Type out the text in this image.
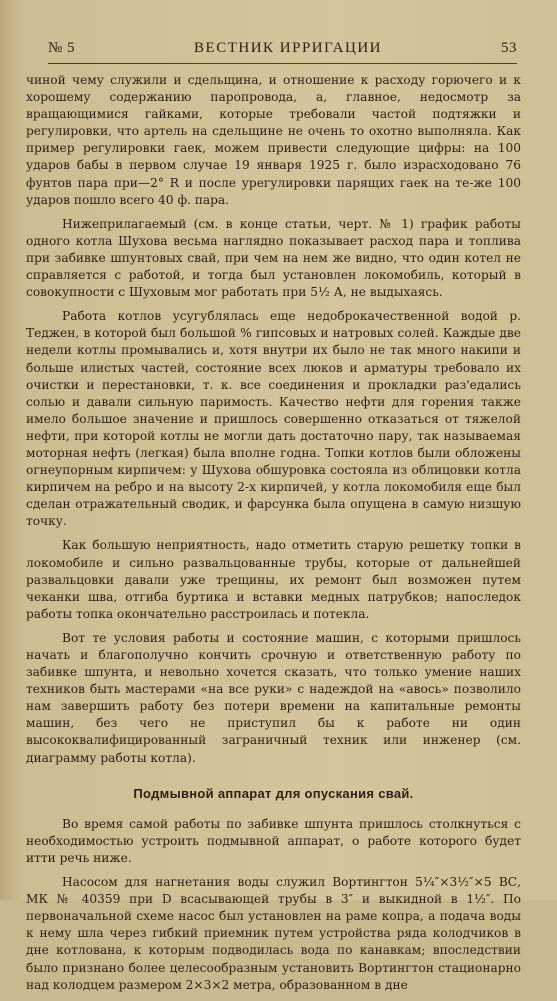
№ 5	ВЕСТНИК ИРРИГАЦИИ	53

чиной чему служили и сдельщина, и отношение к расходу горючего и к хорошему содержанию паропровода, а, главное, недосмотр за вращающимися гайками, которые требовали частой подтяжки и регулировки, что артель на сдельщине не очень то охотно выполняла. Как пример регулировки гаек, можем привести следующие цифры: на 100 ударов бабы в первом случае 19 января 1925 г. было израсходовано 76 фунтов пара при—2° R и после урегулировки парящих гаек на те-же 100 ударов пошло всего 40 ф. пара.

Нижеприлагаемый (см. в конце статьи, черт. № 1) график работы одного котла Шухова весьма наглядно показывает расход пара и топлива при забивке шпунтовых свай, при чем на нем же видно, что один котел не справляется с работой, и тогда был установлен локомобиль, который в совокупности с Шуховым мог работать при 5½ А, не выдыхаясь.

Работа котлов усугублялась еще недоброкачественной водой р. Теджен, в которой был большой % гипсовых и натровых солей. Каждые две недели котлы промывались и, хотя внутри их было не так много накипи и больше илистых частей, состояние всех люков и арматуры требовало их очистки и перестановки, т. к. все соединения и прокладки раз'едались солью и давали сильную паримость. Качество нефти для горения также имело большое значение и пришлось совершенно отказаться от тяжелой нефти, при которой котлы не могли дать достаточно пару, так называемая моторная нефть (легкая) была вполне годна. Топки котлов были обложены огнеупорным кирпичем: у Шухова обшуровка состояла из облицовки котла кирпичем на ребро и на высоту 2-х кирпичей, у котла локомобиля еще был сделан отражательный сводик, и фарсунка была опущена в самую низшую точку.

Как большую неприятность, надо отметить старую решетку топки в локомобиле и сильно развальцованные трубы, которые от дальнейшей развальцовки давали уже трещины, их ремонт был возможен путем чеканки шва, отгиба буртика и вставки медных патрубков; напоследок работы топка окончательно расстроилась и потекла.

Вот те условия работы и состояние машин, с которыми пришлось начать и благополучно кончить срочную и ответственную работу по забивке шпунта, и невольно хочется сказать, что только умение наших техников быть мастерами «на все руки» с надеждой на «авось» позволило нам завершить работу без потери времени на капитальные ремонты машин, без чего не приступил бы к работе ни один высококвалифицированный заграничный техник или инженер (см. диаграмму работы котла).

Подмывной аппарат для опускания свай.

Во время самой работы по забивке шпунта пришлось столкнуться с необходимостью устроить подмывной аппарат, о работе которого будет итти речь ниже.

Насосом для нагнетания воды служил Вортингтон 5¼″×3½″×5 ВС, МК № 40359 при D всасывающей трубы в 3″ и выкидной в 1½″. По первоначальной схеме насос был установлен на раме копра, а подача воды к нему шла через гибкий приемник путем устройства ряда колодчиков в дне котлована, к которым подводилась вода по канавкам; впоследствии было признано более целесообразным установить Вортингтон стационарно над колодцем размером 2×3×2 метра, образованном в дне
